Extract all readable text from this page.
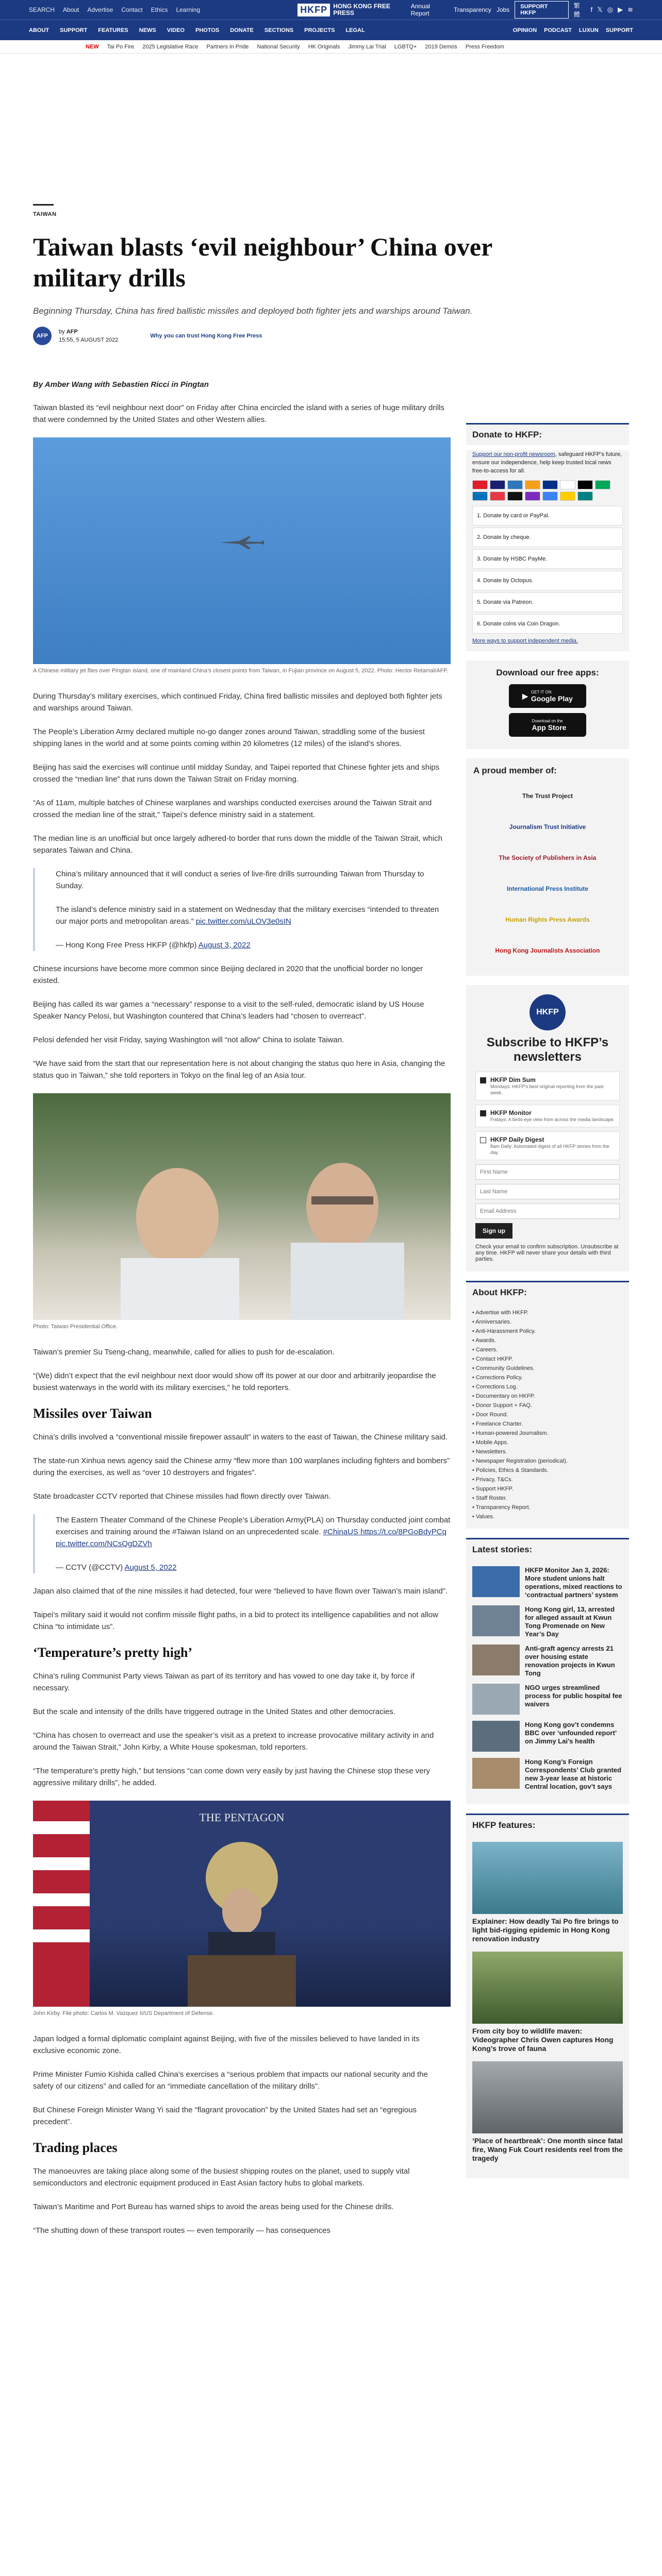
SEARCH About Advertise Contact Ethics Learning	HKFP HONG KONG FREE PRESS
Annual Report	Transparency Jobs	SUPPORT HKFP
繁體
f 𝕏 ◎ ▶ ≋
ABOUT SUPPORT FEATURES NEWS VIDEO PHOTOS DONATE SECTIONS PROJECTS LEGAL	OPINION PODCAST LUXUN SUPPORT
NEW Tai Po Fire 2025 Legislative Race Partners in Pride National Security HK Originals Jimmy Lai Trial LGBTQ+ 2019 Demos Press Freedom
TAIWAN
Taiwan blasts ‘evil neighbour’ China over military drills
Beginning Thursday, China has fired ballistic missiles and deployed both fighter jets and warships around Taiwan.
AFP
by AFP
15:55, 5 AUGUST 2022
Why you can trust Hong Kong Free Press
By Amber Wang with Sebastien Ricci in Pingtan

Taiwan blasted its “evil neighbour next door” on Friday after China encircled the island with a series of huge military drills that were condemned by the United States and other Western allies.

A Chinese military jet flies over Pingtan island, one of mainland China’s closest points from Taiwan, in Fujian province on August 5, 2022. Photo: Hector Retamal/AFP.

During Thursday’s military exercises, which continued Friday, China fired ballistic missiles and deployed both fighter jets and warships around Taiwan.

The People’s Liberation Army declared multiple no-go danger zones around Taiwan, straddling some of the busiest shipping lanes in the world and at some points coming within 20 kilometres (12 miles) of the island’s shores.

Beijing has said the exercises will continue until midday Sunday, and Taipei reported that Chinese fighter jets and ships crossed the “median line” that runs down the Taiwan Strait on Friday morning.

“As of 11am, multiple batches of Chinese warplanes and warships conducted exercises around the Taiwan Strait and crossed the median line of the strait,” Taipei’s defence ministry said in a statement.

The median line is an unofficial but once largely adhered-to border that runs down the middle of the Taiwan Strait, which separates Taiwan and China.

China’s military announced that it will conduct a series of live-fire drills surrounding Taiwan from Thursday to Sunday.

The island’s defence ministry said in a statement on Wednesday that the military exercises “intended to threaten our major ports and metropolitan areas.” pic.twitter.com/uLOV3e0sIN

— Hong Kong Free Press HKFP (@hkfp) August 3, 2022

Chinese incursions have become more common since Beijing declared in 2020 that the unofficial border no longer existed.

Beijing has called its war games a “necessary” response to a visit to the self-ruled, democratic island by US House Speaker Nancy Pelosi, but Washington countered that China’s leaders had “chosen to overreact”.

Pelosi defended her visit Friday, saying Washington will “not allow” China to isolate Taiwan.

“We have said from the start that our representation here is not about changing the status quo here in Asia, changing the status quo in Taiwan,” she told reporters in Tokyo on the final leg of an Asia tour.

Photo: Taiwan Presidential Office.

Taiwan’s premier Su Tseng-chang, meanwhile, called for allies to push for de-escalation.

“(We) didn’t expect that the evil neighbour next door would show off its power at our door and arbitrarily jeopardise the busiest waterways in the world with its military exercises,” he told reporters.

Missiles over Taiwan

China’s drills involved a “conventional missile firepower assault” in waters to the east of Taiwan, the Chinese military said.

The state-run Xinhua news agency said the Chinese army “flew more than 100 warplanes including fighters and bombers” during the exercises, as well as “over 10 destroyers and frigates”.

State broadcaster CCTV reported that Chinese missiles had flown directly over Taiwan.

The Eastern Theater Command of the Chinese People’s Liberation Army(PLA) on Thursday conducted joint combat exercises and training around the #Taiwan Island on an unprecedented scale. #ChinaUS https://t.co/8PGoBdyPCq pic.twitter.com/NCsQgDZVh

— CCTV (@CCTV) August 5, 2022

Japan also claimed that of the nine missiles it had detected, four were “believed to have flown over Taiwan’s main island”.

Taipei’s military said it would not confirm missile flight paths, in a bid to protect its intelligence capabilities and not allow China “to intimidate us”.

‘Temperature’s pretty high’

China’s ruling Communist Party views Taiwan as part of its territory and has vowed to one day take it, by force if necessary.

But the scale and intensity of the drills have triggered outrage in the United States and other democracies.

“China has chosen to overreact and use the speaker’s visit as a pretext to increase provocative military activity in and around the Taiwan Strait,” John Kirby, a White House spokesman, told reporters.

“The temperature’s pretty high,” but tensions “can come down very easily by just having the Chinese stop these very aggressive military drills”, he added.

THE PENTAGON
John Kirby. File photo: Carlos M. Vazquez II/US Department of Defense.

Japan lodged a formal diplomatic complaint against Beijing, with five of the missiles believed to have landed in its exclusive economic zone.

Prime Minister Fumio Kishida called China’s exercises a “serious problem that impacts our national security and the safety of our citizens” and called for an “immediate cancellation of the military drills”.

But Chinese Foreign Minister Wang Yi said the “flagrant provocation” by the United States had set an “egregious precedent”.

Trading places

The manoeuvres are taking place along some of the busiest shipping routes on the planet, used to supply vital semiconductors and electronic equipment produced in East Asian factory hubs to global markets.

Taiwan’s Maritime and Port Bureau has warned ships to avoid the areas being used for the Chinese drills.

“The shutting down of these transport routes — even temporarily — has consequences

Donate to HKFP:
Support our non-profit newsroom, safeguard HKFP’s future, ensure our independence, help keep trusted local news free-to-access for all.
1. Donate by card or PayPal.
2. Donate by cheque.
3. Donate by HSBC PayMe.
4. Donate by Octopus.
5. Donate via Patreon.
6. Donate coins via Coin Dragon.
More ways to support independent media.
Download our free apps:
▶ GET IT ON
Google Play
Download on the
App Store
A proud member of:
The Trust Project
Journalism Trust Initiative
The Society of Publishers in Asia
International Press Institute
Human Rights Press Awards
Hong Kong Journalists Association
HKFP
Subscribe to HKFP’s newsletters
HKFP Dim Sum
Mondays: HKFP's best original reporting from the past week.
HKFP Monitor
Fridays: A birds-eye view from across the media landscape.
HKFP Daily Digest
8am Daily: Automated digest of all HKFP stories from the day.
First Name
Last Name
Email Address
Sign up
Check your email to confirm subscription. Unsubscribe at any time. HKFP will never share your details with third parties.
About HKFP:
• Advertise with HKFP.
• Anniversaries.
• Anti-Harassment Policy.
• Awards.
• Careers.
• Contact HKFP.
• Community Guidelines.
• Corrections Policy.
• Corrections Log.
• Documentary on HKFP.
• Donor Support + FAQ.
• Door Round.
• Freelance Charter.
• Human-powered Journalism.
• Mobile Apps.
• Newsletters.
• Newspaper Registration (periodical).
• Policies, Ethics & Standards.
• Privacy, T&Cs.
• Support HKFP.
• Staff Roster.
• Transparency Report.
• Values.
Latest stories:
HKFP Monitor Jan 3, 2026: More student unions halt operations, mixed reactions to ‘contractual partners’ system
Hong Kong girl, 13, arrested for alleged assault at Kwun Tong Promenade on New Year’s Day
Anti-graft agency arrests 21 over housing estate renovation projects in Kwun Tong
NGO urges streamlined process for public hospital fee waivers
Hong Kong gov’t condemns BBC over ‘unfounded report’ on Jimmy Lai’s health
Hong Kong’s Foreign Correspondents’ Club granted new 3-year lease at historic Central location, gov’t says
HKFP features:
Explainer: How deadly Tai Po fire brings to light bid-rigging epidemic in Hong Kong renovation industry
From city boy to wildlife maven: Videographer Chris Owen captures Hong Kong’s trove of fauna
‘Place of heartbreak’: One month since fatal fire, Wang Fuk Court residents reel from the tragedy
